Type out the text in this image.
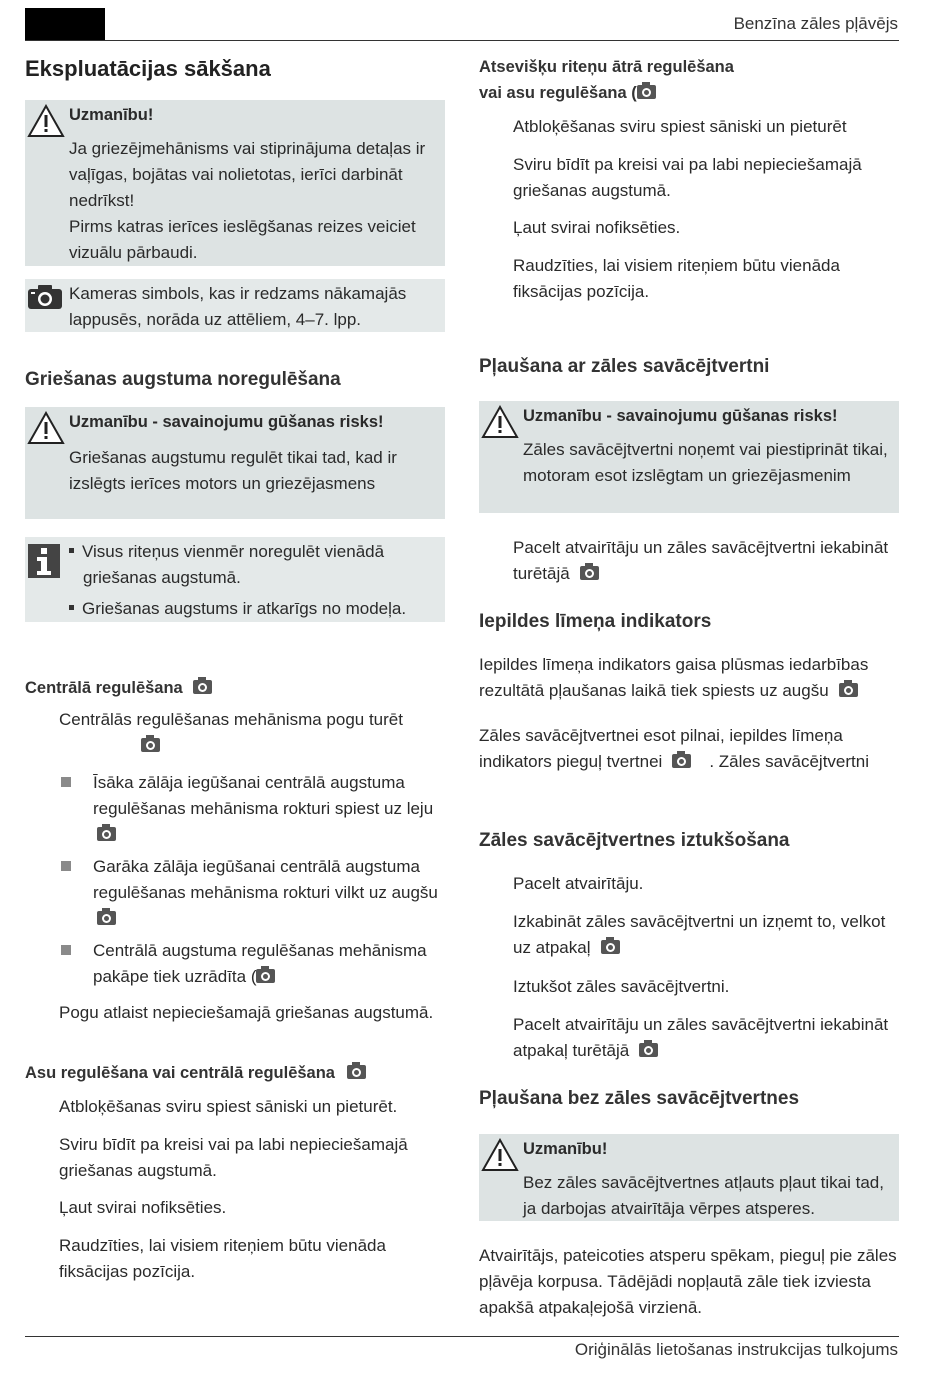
Benzīna zāles pļāvējs
Oriģinālās lietošanas instrukcijas tulkojums
Ekspluatācijas sākšana
Uzmanību!

Ja griezējmehānisms vai stiprinājuma detaļas ir vaļīgas, bojātas vai nolietotas, ierīci darbināt nedrīkst!

Pirms katras ierīces ieslēgšanas reizes veiciet vizuālu pārbaudi.

Kameras simbols, kas ir redzams nākamajās lappusēs, norāda uz attēliem, 4–7. lpp.
Griešanas augstuma noregulēšana
Uzmanību - savainojumu gūšanas risks!
Griešanas augstumu regulēt tikai tad, kad ir izslēgts ierīces motors un griezējasmens

Visus riteņus vienmēr noregulēt vienādā griešanas augstumā.

Griešanas augstums ir atkarīgs no modeļa.

Centrālā regulēšana

Centrālās regulēšanas mehānisma pogu turēt

Īsāka zālāja iegūšanai centrālā augstuma regulēšanas mehānisma rokturi spiest uz leju

Garāka zālāja iegūšanai centrālā augstuma regulēšanas mehānisma rokturi vilkt uz augšu

Centrālā augstuma regulēšanas mehānisma pakāpe tiek uzrādīta (

Pogu atlaist nepieciešamajā griešanas augstumā.

Asu regulēšana vai centrālā regulēšana

Atbloķēšanas sviru spiest sāniski un pieturēt.

Sviru bīdīt pa kreisi vai pa labi nepieciešamajā griešanas augstumā.

Ļaut svirai nofiksēties.

Raudzīties, lai visiem riteņiem būtu vienāda fiksācijas pozīcija.

Atsevišķu riteņu ātrā regulēšana
vai asu regulēšana (

Atbloķēšanas sviru spiest sāniski un pieturēt

Sviru bīdīt pa kreisi vai pa labi nepieciešamajā griešanas augstumā.

Ļaut svirai nofiksēties.

Raudzīties, lai visiem riteņiem būtu vienāda fiksācijas pozīcija.

Pļaušana ar zāles savācējtvertni
Uzmanību - savainojumu gūšanas risks!
Zāles savācējtvertni noņemt vai piestiprināt tikai, motoram esot izslēgtam un griezējasmenim

Pacelt atvairītāju un zāles savācējtvertni iekabināt turētājā

Iepildes līmeņa indikators

Iepildes līmeņa indikators gaisa plūsmas iedarbības rezultātā pļaušanas laikā tiek spiests uz augšu

Zāles savācējtvertnei esot pilnai, iepildes līmeņa indikators pieguļ tvertnei	. Zāles savācējtvertni

Zāles savācējtvertnes iztukšošana

Pacelt atvairītāju.

Izkabināt zāles savācējtvertni un izņemt to, velkot uz atpakaļ

Iztukšot zāles savācējtvertni.

Pacelt atvairītāju un zāles savācējtvertni iekabināt atpakaļ turētājā

Pļaušana bez zāles savācējtvertnes
Uzmanību!
Bez zāles savācējtvertnes atļauts pļaut tikai tad, ja darbojas atvairītāja vērpes atsperes.

Atvairītājs, pateicoties atsperu spēkam, pieguļ pie zāles pļāvēja korpusa. Tādējādi nopļautā zāle tiek izviesta apakšā atpakaļejošā virzienā.
